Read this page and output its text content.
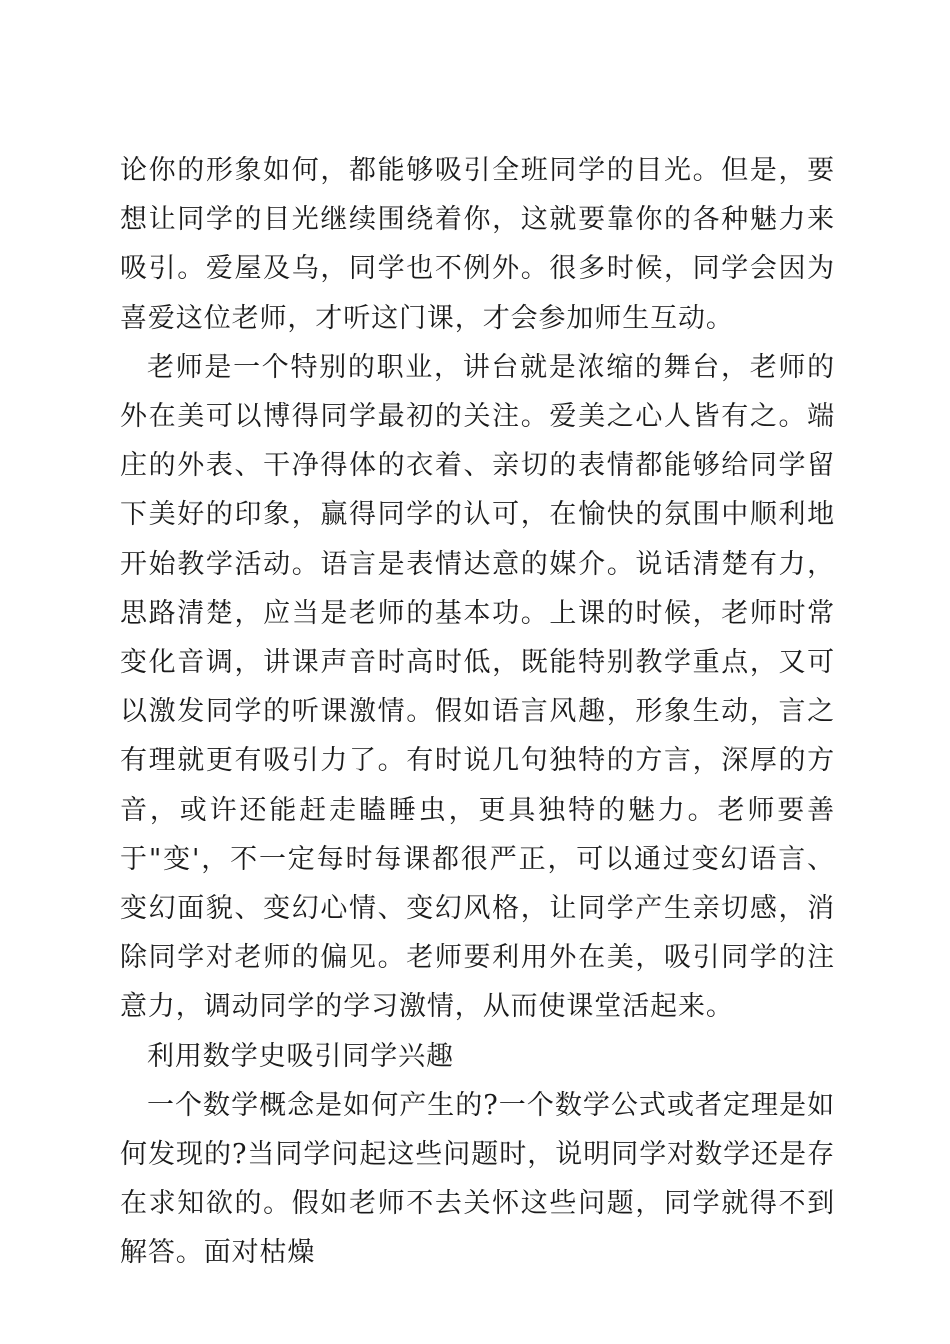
论你的形象如何，都能够吸引全班同学的目光。但是，要想让同学的目光继续围绕着你，这就要靠你的各种魅力来吸引。爱屋及乌，同学也不例外。很多时候，同学会因为喜爱这位老师，才听这门课，才会参加师生互动。

老师是一个特别的职业，讲台就是浓缩的舞台，老师的外在美可以博得同学最初的关注。爱美之心人皆有之。端庄的外表、干净得体的衣着、亲切的表情都能够给同学留下美好的印象，赢得同学的认可，在愉快的氛围中顺利地开始教学活动。语言是表情达意的媒介。说话清楚有力，思路清楚，应当是老师的基本功。上课的时候，老师时常变化音调，讲课声音时高时低，既能特别教学重点，又可以激发同学的听课激情。假如语言风趣，形象生动，言之有理就更有吸引力了。有时说几句独特的方言，深厚的方音，或许还能赶走瞌睡虫，更具独特的魅力。老师要善于"变'，不一定每时每课都很严正，可以通过变幻语言、变幻面貌、变幻心情、变幻风格，让同学产生亲切感，消除同学对老师的偏见。老师要利用外在美，吸引同学的注意力，调动同学的学习激情，从而使课堂活起来。

利用数学史吸引同学兴趣

一个数学概念是如何产生的?一个数学公式或者定理是如何发现的?当同学问起这些问题时，说明同学对数学还是存在求知欲的。假如老师不去关怀这些问题，同学就得不到解答。面对枯燥
